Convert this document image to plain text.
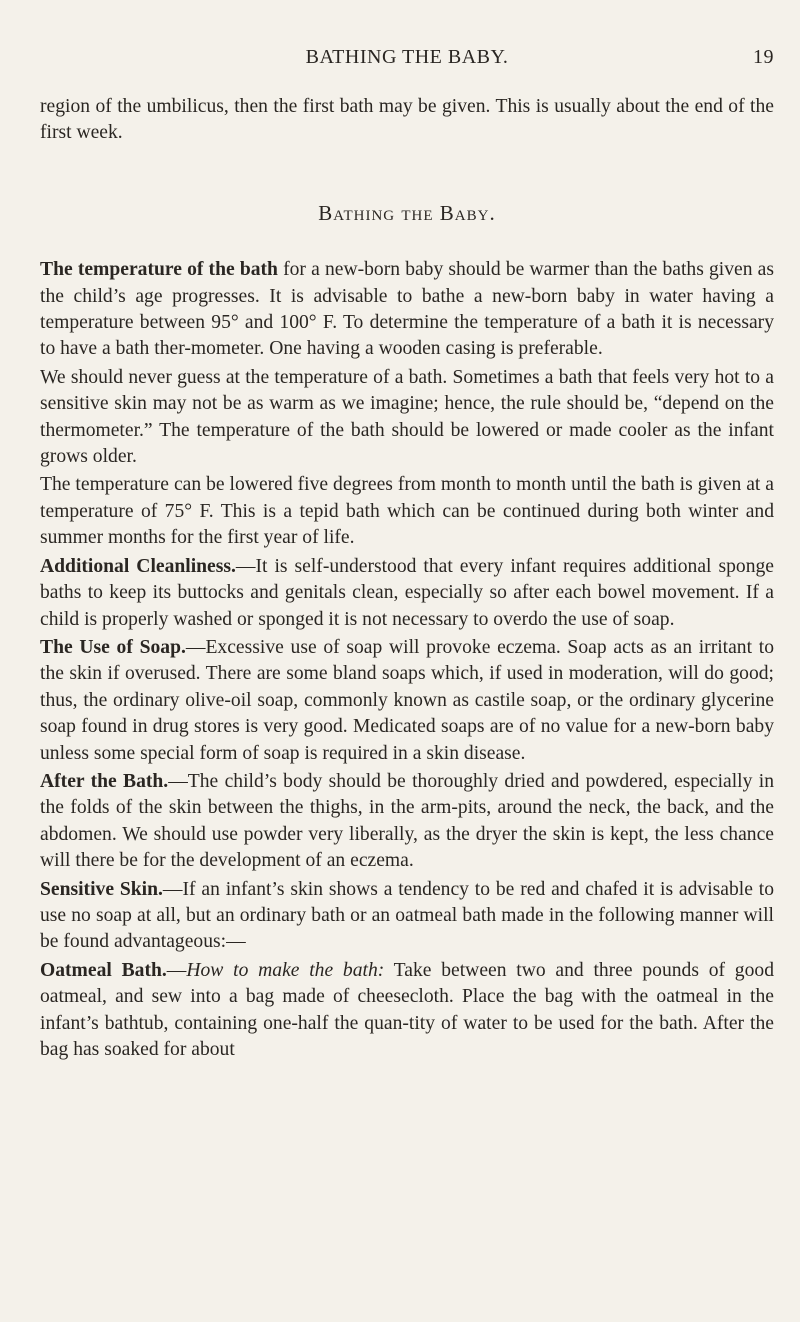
BATHING THE BABY.	19

region of the umbilicus, then the first bath may be given. This is usually about the end of the first week.

Bathing the Baby.

The temperature of the bath for a new-born baby should be warmer than the baths given as the child’s age progresses. It is advisable to bathe a new-born baby in water having a temperature between 95° and 100° F. To determine the temperature of a bath it is necessary to have a bath ther-mometer. One having a wooden casing is preferable.

We should never guess at the temperature of a bath. Sometimes a bath that feels very hot to a sensitive skin may not be as warm as we imagine; hence, the rule should be, “depend on the thermometer.” The temperature of the bath should be lowered or made cooler as the infant grows older.

The temperature can be lowered five degrees from month to month until the bath is given at a temperature of 75° F. This is a tepid bath which can be continued during both winter and summer months for the first year of life.

Additional Cleanliness.—It is self-understood that every infant requires additional sponge baths to keep its buttocks and genitals clean, especially so after each bowel movement. If a child is properly washed or sponged it is not necessary to overdo the use of soap.

The Use of Soap.—Excessive use of soap will provoke eczema. Soap acts as an irritant to the skin if overused. There are some bland soaps which, if used in moderation, will do good; thus, the ordinary olive-oil soap, commonly known as castile soap, or the ordinary glycerine soap found in drug stores is very good. Medicated soaps are of no value for a new-born baby unless some special form of soap is required in a skin disease.

After the Bath.—The child’s body should be thoroughly dried and powdered, especially in the folds of the skin between the thighs, in the arm-pits, around the neck, the back, and the abdomen. We should use powder very liberally, as the dryer the skin is kept, the less chance will there be for the development of an eczema.

Sensitive Skin.—If an infant’s skin shows a tendency to be red and chafed it is advisable to use no soap at all, but an ordinary bath or an oatmeal bath made in the following manner will be found advantageous:—

Oatmeal Bath.—How to make the bath: Take between two and three pounds of good oatmeal, and sew into a bag made of cheesecloth. Place the bag with the oatmeal in the infant’s bathtub, containing one-half the quan-tity of water to be used for the bath. After the bag has soaked for about
